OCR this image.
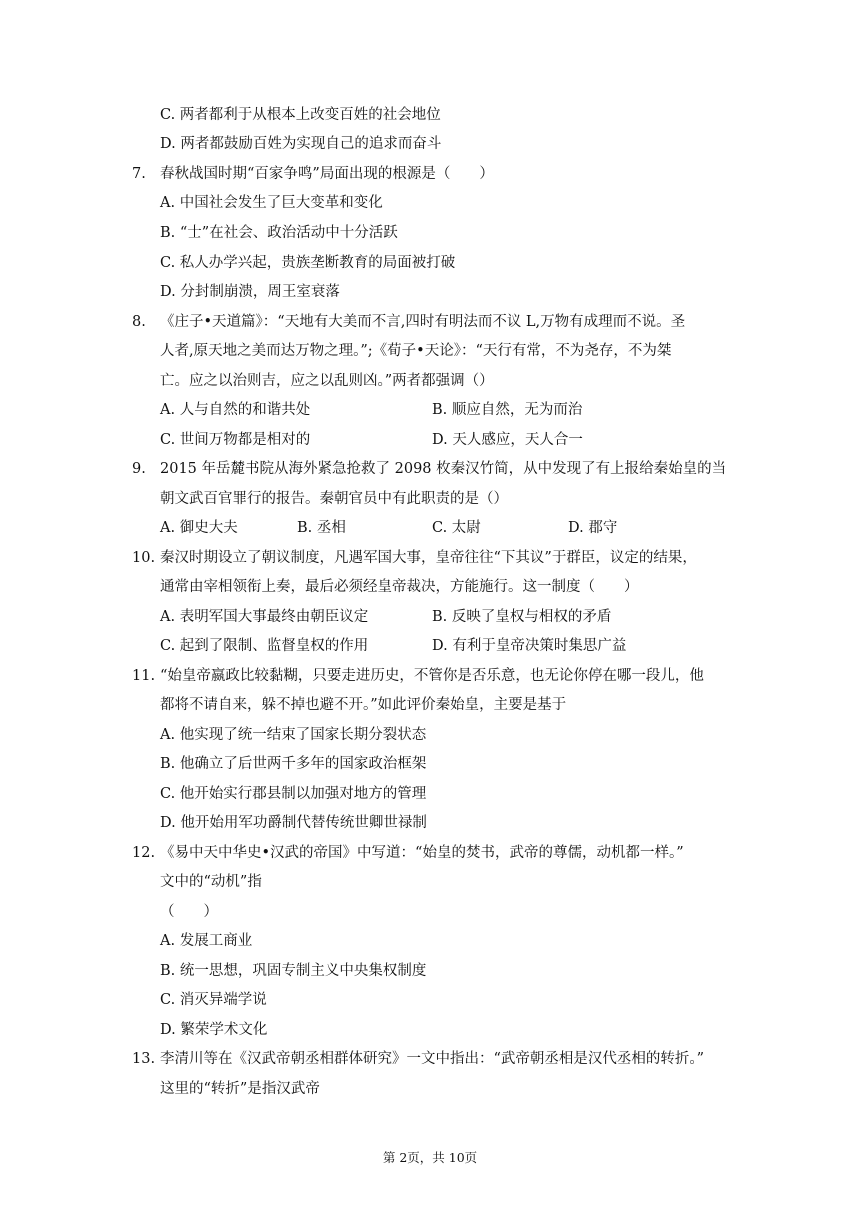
C. 两者都利于从根本上改变百姓的社会地位
D. 两者都鼓励百姓为实现自己的追求而奋斗
7. 春秋战国时期“百家争鸣”局面出现的根源是（　　）
A. 中国社会发生了巨大变革和变化
B. “士”在社会、政治活动中十分活跃
C. 私人办学兴起，贵族垄断教育的局面被打破
D. 分封制崩溃，周王室衰落
8. 《庄子•天道篇》：“天地有大美而不言,四时有明法而不议 L,万物有成理而不说。圣
人者,原天地之美而达万物之理。”;《荀子•天论》：“天行有常，不为尧存，不为桀
亡。应之以治则吉，应之以乱则凶。”两者都强调（）
A. 人与自然的和谐共处	B. 顺应自然，无为而治
C. 世间万物都是相对的	D. 天人感应，天人合一
9. 2015 年岳麓书院从海外紧急抢救了 2098 枚秦汉竹简，从中发现了有上报给秦始皇的当
朝文武百官罪行的报告。秦朝官员中有此职责的是（）
A. 御史大夫	B. 丞相	C. 太尉	D. 郡守
10. 秦汉时期设立了朝议制度，凡遇军国大事，皇帝往往“下其议”于群臣，议定的结果，
通常由宰相领衔上奏，最后必须经皇帝裁决，方能施行。这一制度（　　）
A. 表明军国大事最终由朝臣议定	B. 反映了皇权与相权的矛盾
C. 起到了限制、监督皇权的作用	D. 有利于皇帝决策时集思广益
11. “始皇帝嬴政比较黏糊，只要走进历史，不管你是否乐意，也无论你停在哪一段儿，他
都将不请自来，躲不掉也避不开。”如此评价秦始皇，主要是基于
A. 他实现了统一结束了国家长期分裂状态
B. 他确立了后世两千多年的国家政治框架
C. 他开始实行郡县制以加强对地方的管理
D. 他开始用军功爵制代替传统世卿世禄制
12. 《易中天中华史•汉武的帝国》中写道：“始皇的焚书，武帝的尊儒，动机都一样。”
文中的“动机”指
（　　）
A. 发展工商业
B. 统一思想，巩固专制主义中央集权制度
C. 消灭异端学说
D. 繁荣学术文化
13. 李清川等在《汉武帝朝丞相群体研究》一文中指出：“武帝朝丞相是汉代丞相的转折。”
这里的“转折”是指汉武帝
第 2页，共 10页
